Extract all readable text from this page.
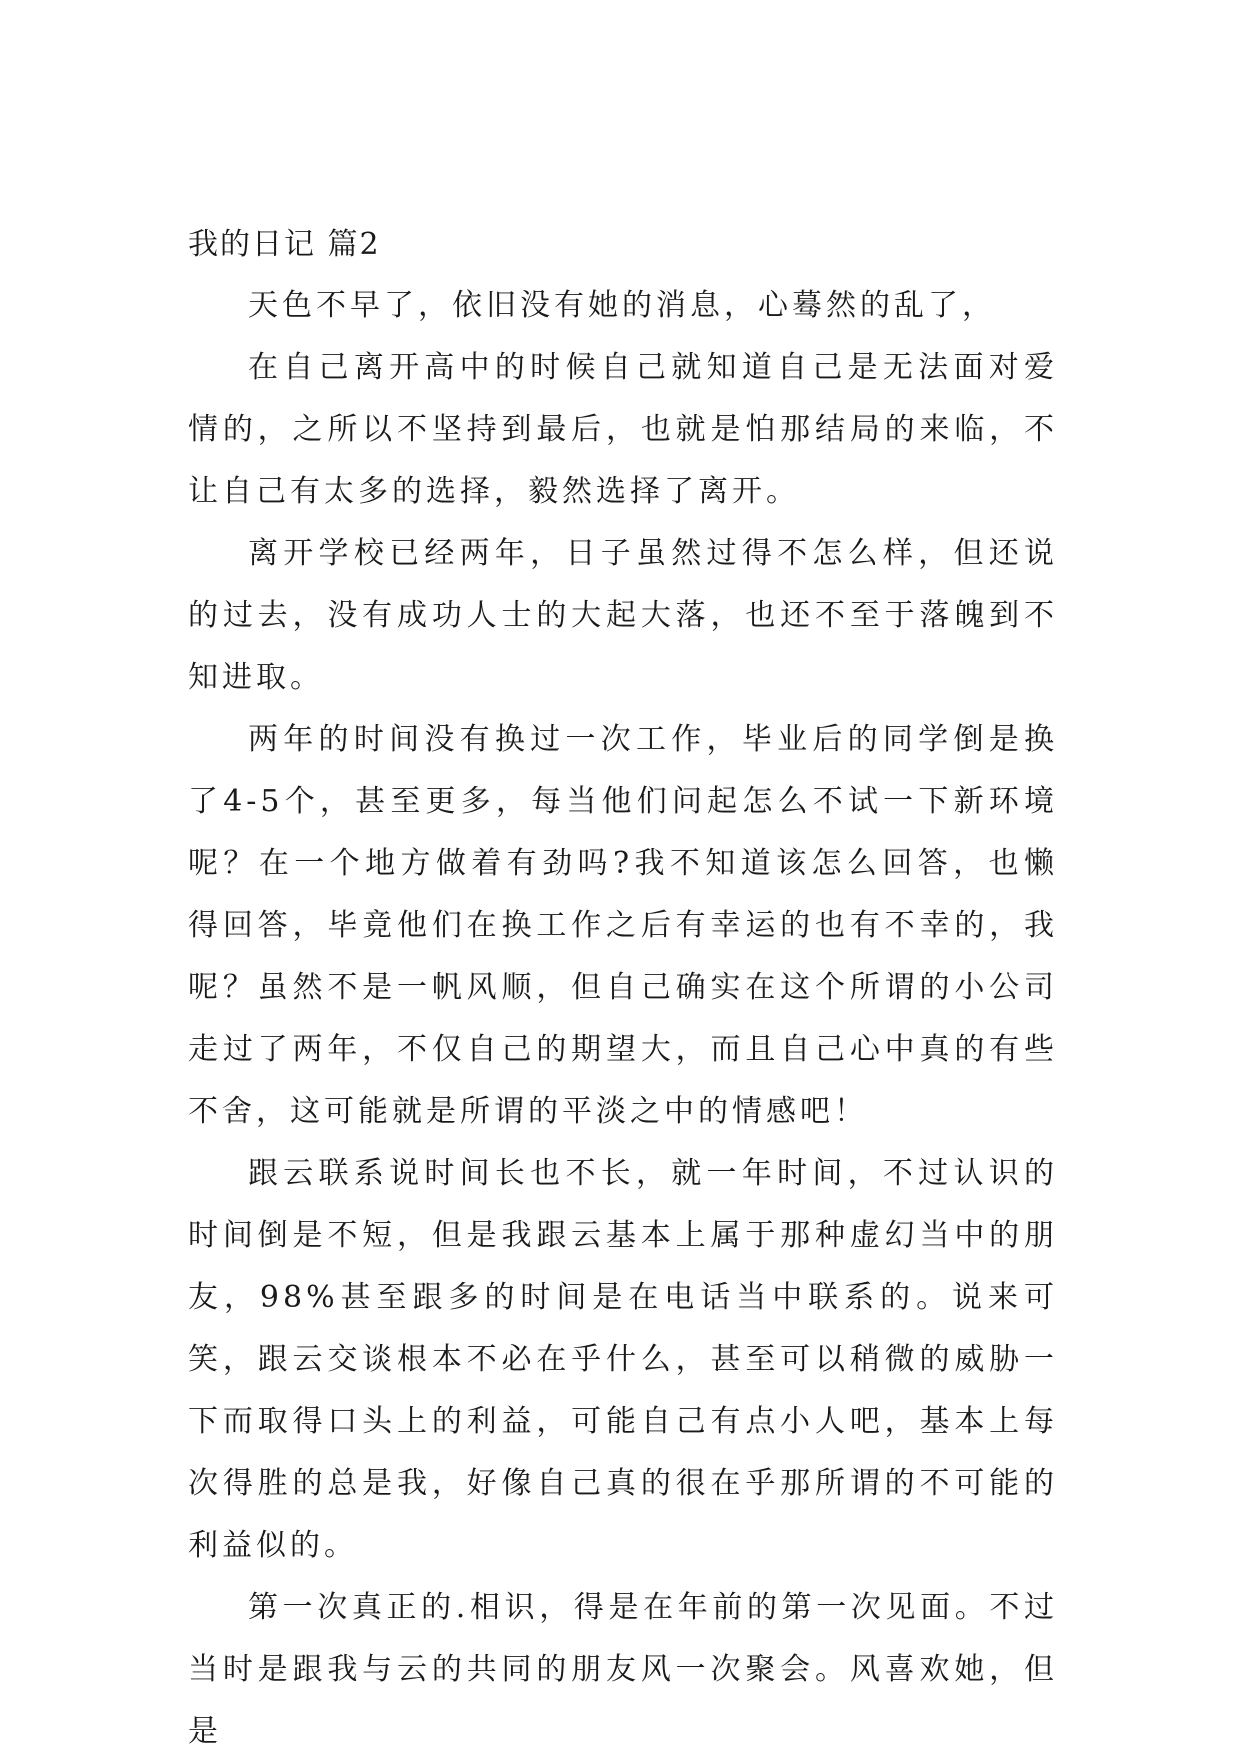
我的日记 篇2

天色不早了，依旧没有她的消息，心蓦然的乱了，

在自己离开高中的时候自己就知道自己是无法面对爱情的，之所以不坚持到最后，也就是怕那结局的来临，不让自己有太多的选择，毅然选择了离开。

离开学校已经两年，日子虽然过得不怎么样，但还说的过去，没有成功人士的大起大落，也还不至于落魄到不知进取。

两年的时间没有换过一次工作，毕业后的同学倒是换了4-5个，甚至更多，每当他们问起怎么不试一下新环境呢？在一个地方做着有劲吗?我不知道该怎么回答，也懒得回答，毕竟他们在换工作之后有幸运的也有不幸的，我呢？虽然不是一帆风顺，但自己确实在这个所谓的小公司走过了两年，不仅自己的期望大，而且自己心中真的有些不舍，这可能就是所谓的平淡之中的情感吧！

跟云联系说时间长也不长，就一年时间，不过认识的时间倒是不短，但是我跟云基本上属于那种虚幻当中的朋友，98%甚至跟多的时间是在电话当中联系的。说来可笑，跟云交谈根本不必在乎什么，甚至可以稍微的威胁一下而取得口头上的利益，可能自己有点小人吧，基本上每次得胜的总是我，好像自己真的很在乎那所谓的不可能的利益似的。

第一次真正的.相识，得是在年前的第一次见面。不过当时是跟我与云的共同的朋友风一次聚会。风喜欢她，但是
